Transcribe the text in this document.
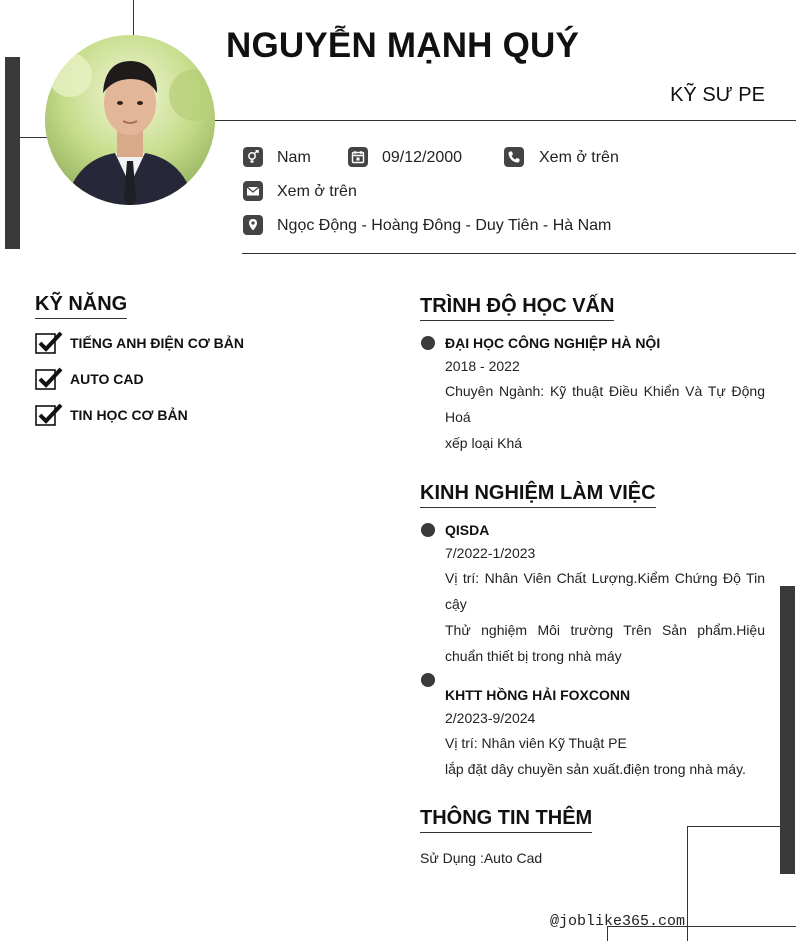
NGUYỄN MẠNH QUÝ
KỸ SƯ PE
Nam	09/12/2000	Xem ở trên
Xem ở trên
Ngọc Động - Hoàng Đông - Duy Tiên - Hà Nam
KỸ NĂNG
TIẾNG ANH ĐIỆN CƠ BẢN
AUTO CAD
TIN HỌC CƠ BẢN
TRÌNH ĐỘ HỌC VẤN
ĐẠI HỌC CÔNG NGHIỆP HÀ NỘI
2018 - 2022
Chuyên Ngành: Kỹ thuật Điều Khiển Và Tự Động Hoá
xếp loại Khá
KINH NGHIỆM LÀM VIỆC
QISDA
7/2022-1/2023
Vị trí: Nhân Viên Chất Lượng.Kiểm Chứng Độ Tin cậy
Thử nghiệm Môi trường Trên Sản phẩm.Hiệu chuẩn thiết bị trong nhà máy
KHTT HỒNG HẢI FOXCONN
2/2023-9/2024
Vị trí: Nhân viên Kỹ Thuật PE
lắp đặt dây chuyền sản xuất.điện trong nhà máy.
THÔNG TIN THÊM
Sử Dụng :Auto Cad
@joblike365.com
